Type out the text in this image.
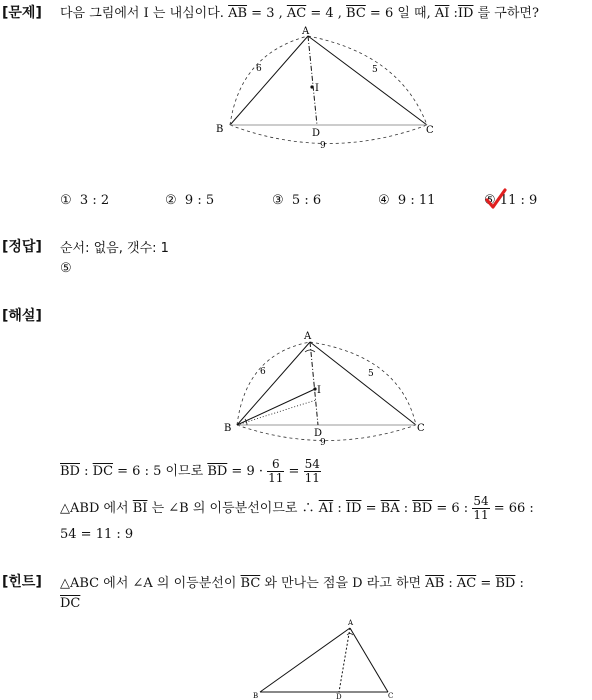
[문제] 다음 그림에서 I 는 내심이다. $\overline{AB} = 3$ , $\overline{AC} = 4$ , $\overline{BC} = 6$ 일 때, $\overline{AI}$ $:\overline{ID}$ 를 구하면?
A
B	C
D
I
6	5
9
① 3 : 2	② 9 : 5	③ 5 : 6	④ 9 : 11	⑤ 11 : 9
[정답] 순서: 없음, 갯수: 1
⑤
[해설]
A
B	C
D
I
6	5
9
$\overline{BD}$ : $\overline{DC} = 6$ : 5 이므로 $\overline{BD} = 9 \cdot \frac{6}{11} = \frac{54}{11}$
△ABD 에서 $\overline{BI}$ 는 ∠B 의 이등분선이므로 ∴ $\overline{AI}$ : $\overline{ID} = \overline{BA}$ : $\overline{BD} = 6$ : $\frac{54}{11} = 66$ :
54 = 11 : 9
[힌트] △ABC 에서 ∠A 의 이등분선이 $\overline{BC}$ 와 만나는 점을 D 라고 하면 $\overline{AB}$ : $\overline{AC} = \overline{BD}$ :
$\overline{DC}$
A
B	C
D
